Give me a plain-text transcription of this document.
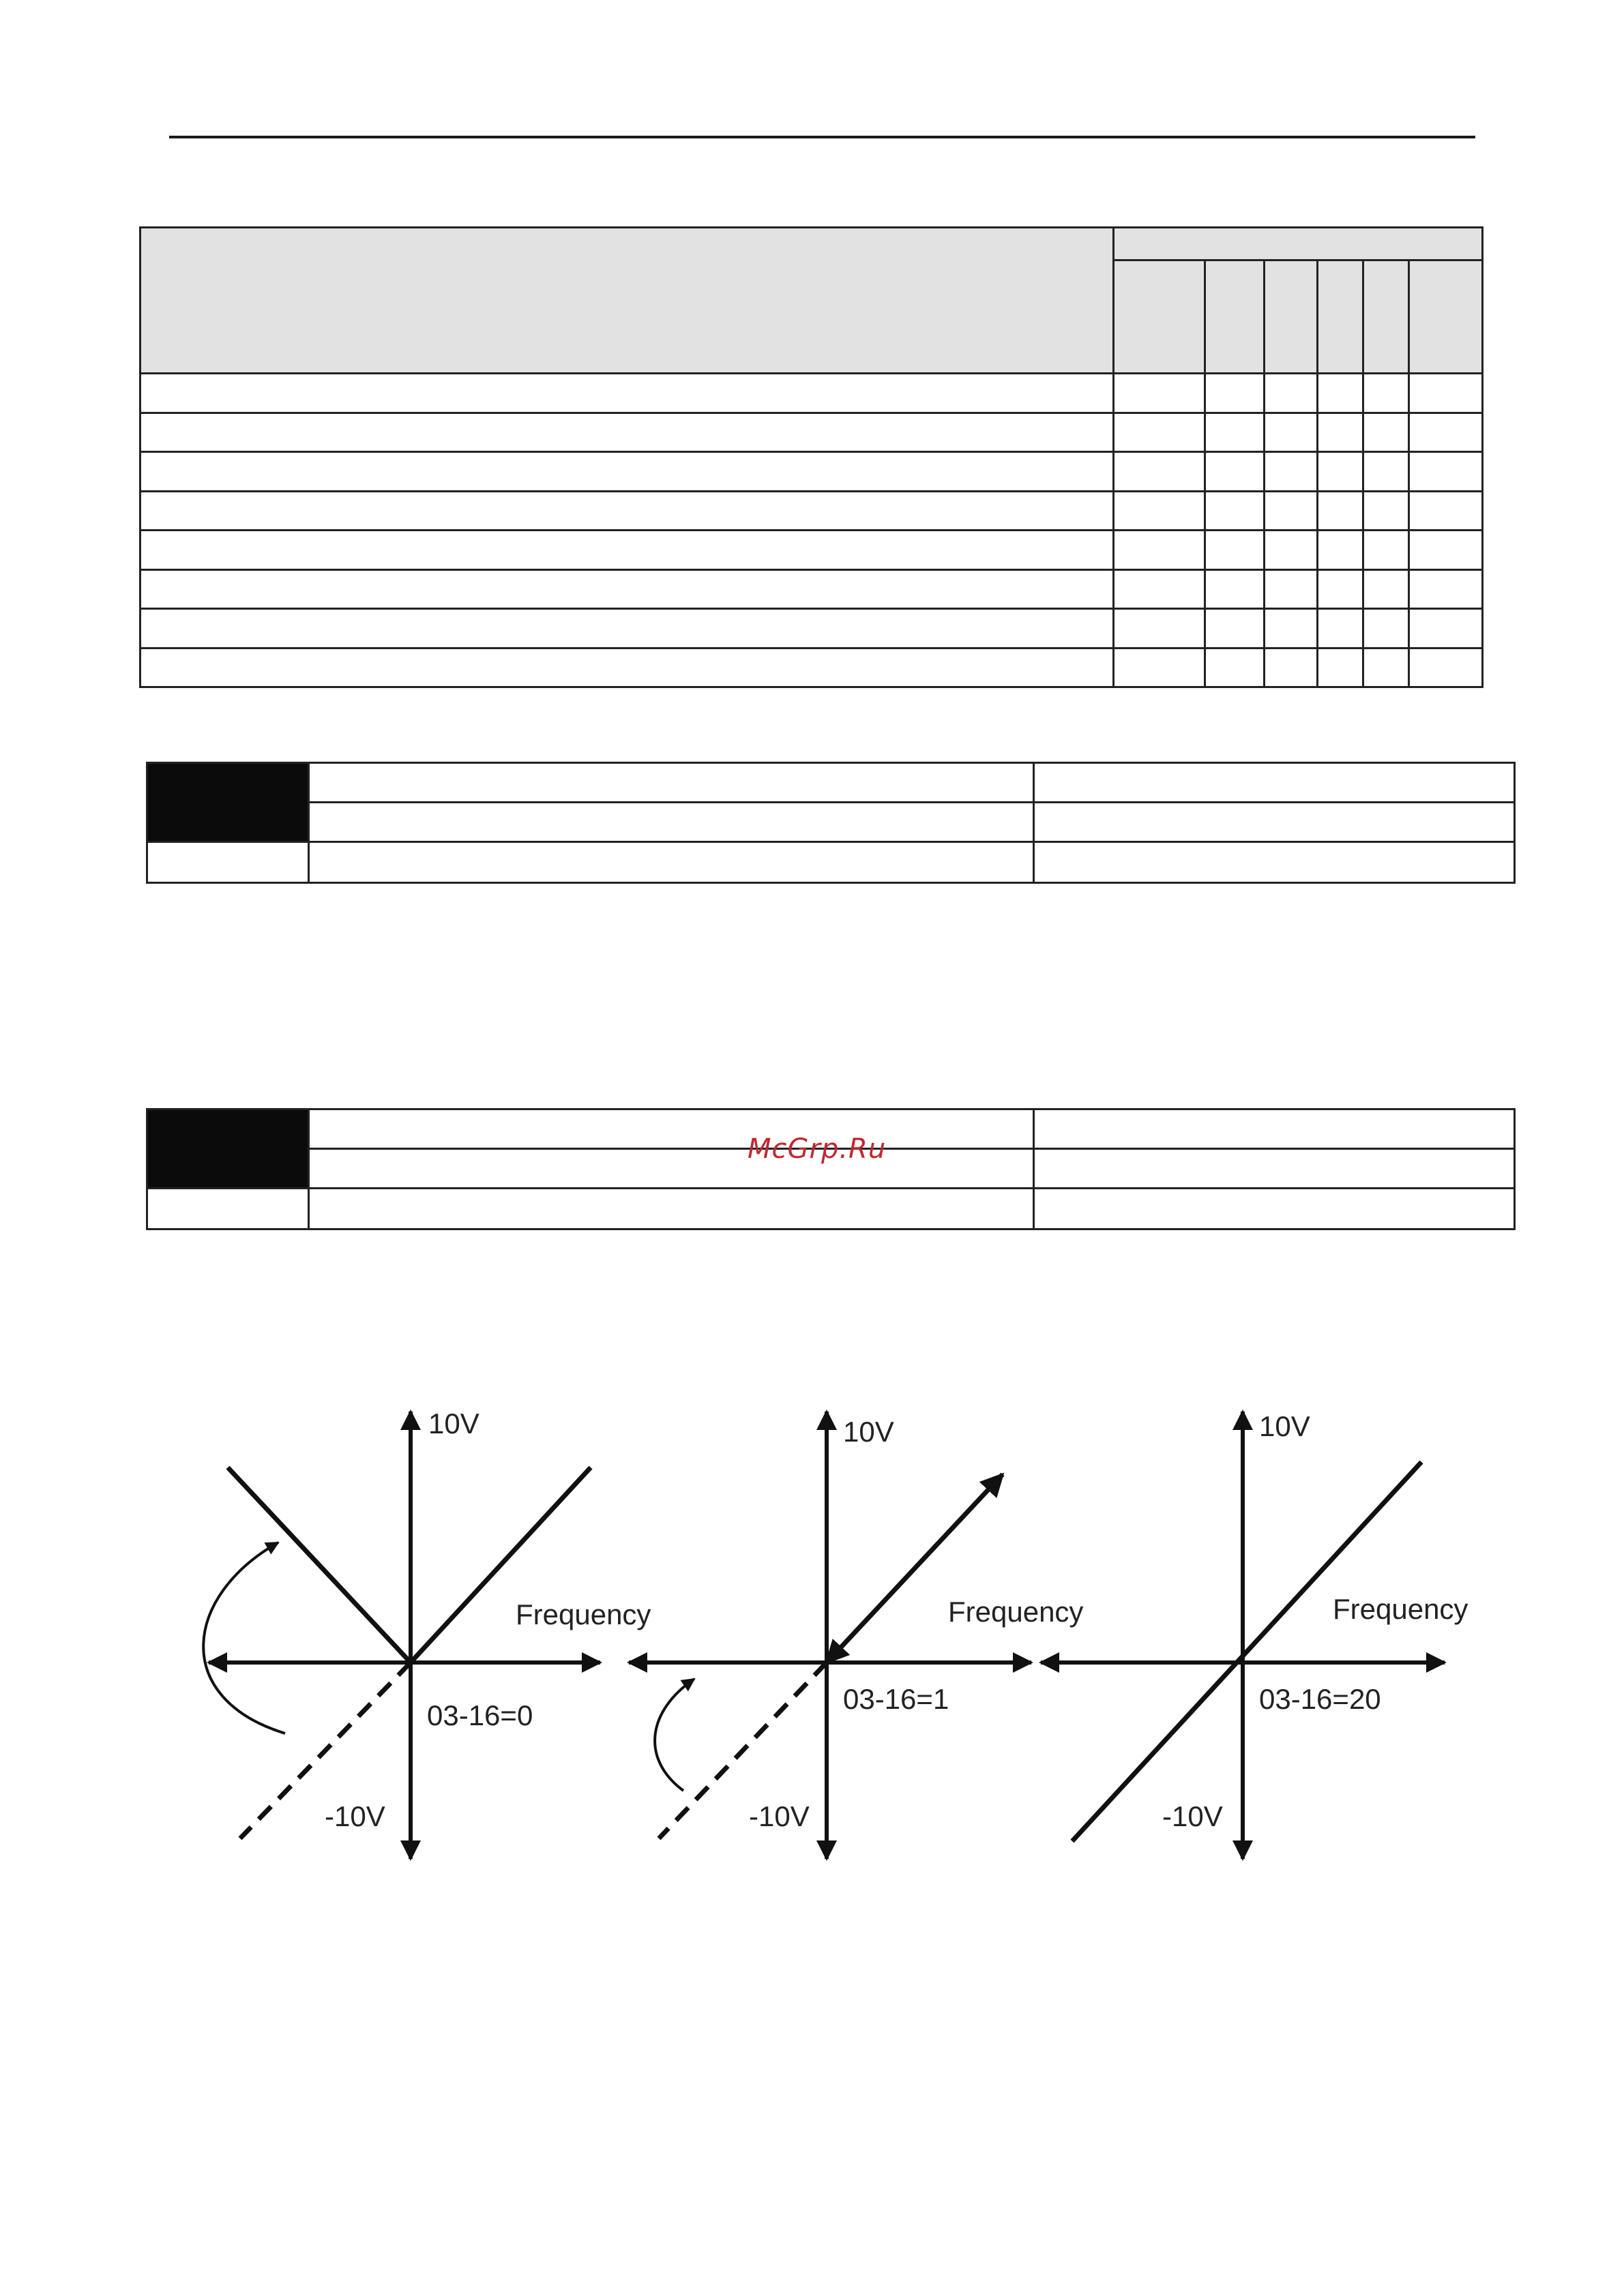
McGrp.Ru
10V
Frequency
03-16=0
-10V
10V
Frequency
03-16=1
-10V
10V
Frequency
03-16=20
-10V
